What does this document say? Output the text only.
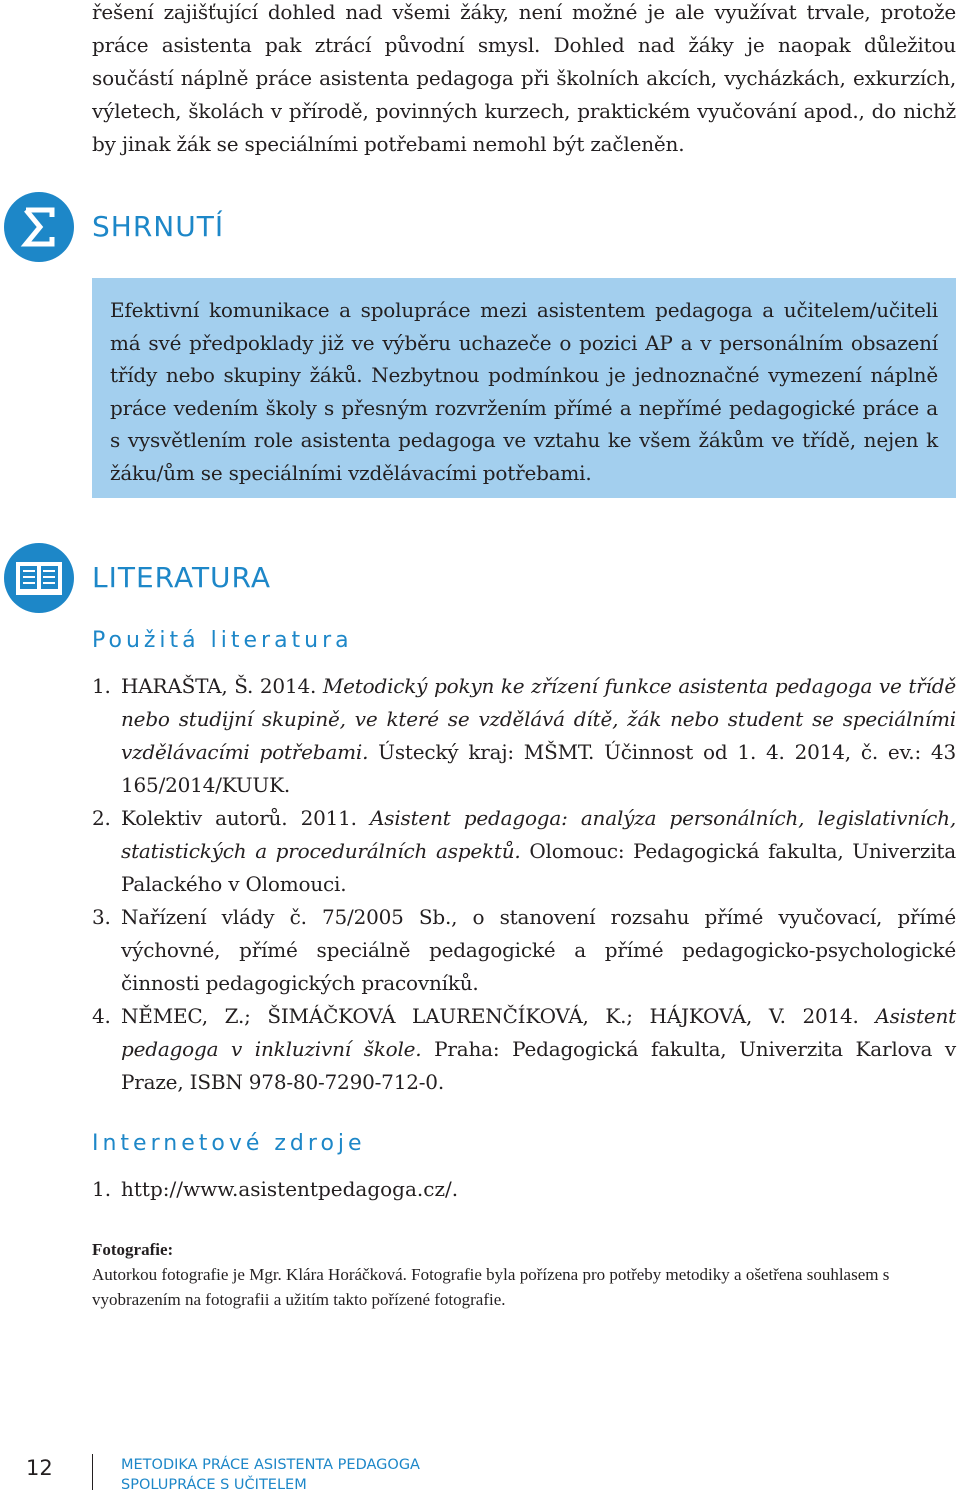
řešení zajišťující dohled nad všemi žáky, není možné je ale využívat trvale, protože práce asistenta pak ztrácí původní smysl. Dohled nad žáky je naopak důležitou součástí náplně práce asistenta pedagoga při školních akcích, vycházkách, exkurzích, výletech, školách v přírodě, povinných kurzech, praktickém vyučování apod., do nichž by jinak žák se speciálními potřebami nemohl být začleněn.

SHRNUTÍ

Efektivní komunikace a spolupráce mezi asistentem pedagoga a učitelem/učiteli má své předpoklady již ve výběru uchazeče o pozici AP a v personálním obsazení třídy nebo skupiny žáků. Nezbytnou podmínkou je jednoznačné vymezení náplně práce vedením školy s přesným rozvržením přímé a nepřímé pedagogické práce a s vysvětlením role asistenta pedagoga ve vztahu ke všem žákům ve třídě, nejen k žáku/ům se speciálními vzdělávacími potřebami.

LITERATURA
Použitá literatura
1. HARAŠTA, Š. 2014. Metodický pokyn ke zřízení funkce asistenta pedagoga ve třídě nebo studijní skupině, ve které se vzdělává dítě, žák nebo student se speciálními vzdělávacími potřebami. Ústecký kraj: MŠMT. Účinnost od 1. 4. 2014, č. ev.: 43 165/2014/KUUK.
2. Kolektiv autorů. 2011. Asistent pedagoga: analýza personálních, legislativních, statistických a procedurálních aspektů. Olomouc: Pedagogická fakulta, Univerzita Palackého v Olomouci.
3. Nařízení vlády č. 75/2005 Sb., o stanovení rozsahu přímé vyučovací, přímé výchovné, přímé speciálně pedagogické a přímé pedagogicko-psychologické činnosti pedagogických pracovníků.
4. NĚMEC, Z.; ŠIMÁČKOVÁ LAURENČÍKOVÁ, K.; HÁJKOVÁ, V. 2014. Asistent pedagoga v inkluzivní škole. Praha: Pedagogická fakulta, Univerzita Karlova v Praze, ISBN 978-80-7290-712-0.
Internetové zdroje
1. http://www.asistentpedagoga.cz/.

Fotografie:
Autorkou fotografie je Mgr. Klára Horáčková. Fotografie byla pořízena pro potřeby metodiky a ošetřena souhlasem s vyobrazením na fotografii a užitím takto pořízené fotografie.

12	METODIKA PRÁCE ASISTENTA PEDAGOGA
SPOLUPRÁCE S UČITELEM
